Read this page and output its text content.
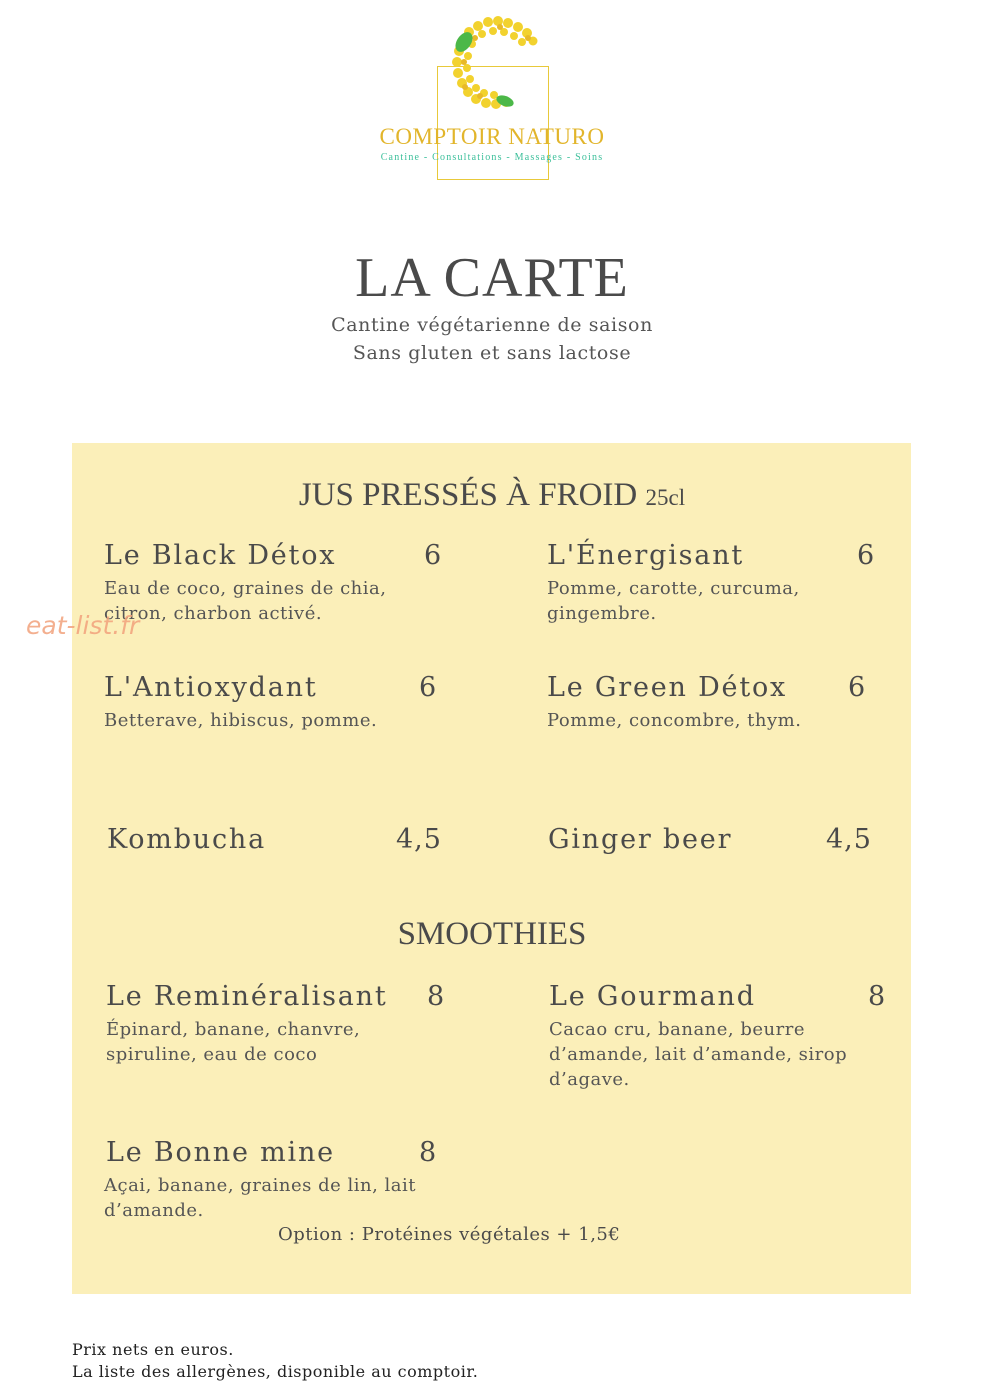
COMPTOIR NATURO
Cantine - Consultations - Massages - Soins
LA CARTE
Cantine végétarienne de saison
Sans gluten et sans lactose
JUS PRESSÉS À FROID 25cl
Le Black Détox	6
Eau de coco, graines de chia,
citron, charbon activé.
L'Énergisant	6
Pomme, carotte, curcuma,
gingembre.
eat-list.fr
L'Antioxydant	6
Betterave, hibiscus, pomme.
Le Green Détox 6
Pomme, concombre, thym.
Kombucha	4,5	Ginger beer	4,5
SMOOTHIES
Le Reminéralisant 8
Épinard, banane, chanvre,
spiruline, eau de coco
Le Gourmand	8
Cacao cru, banane, beurre
d’amande, lait d’amande, sirop
d’agave.
Le Bonne mine	8
Açai, banane, graines de lin, lait
d’amande.
Option : Protéines végétales + 1,5€
Prix nets en euros.
La liste des allergènes, disponible au comptoir.
